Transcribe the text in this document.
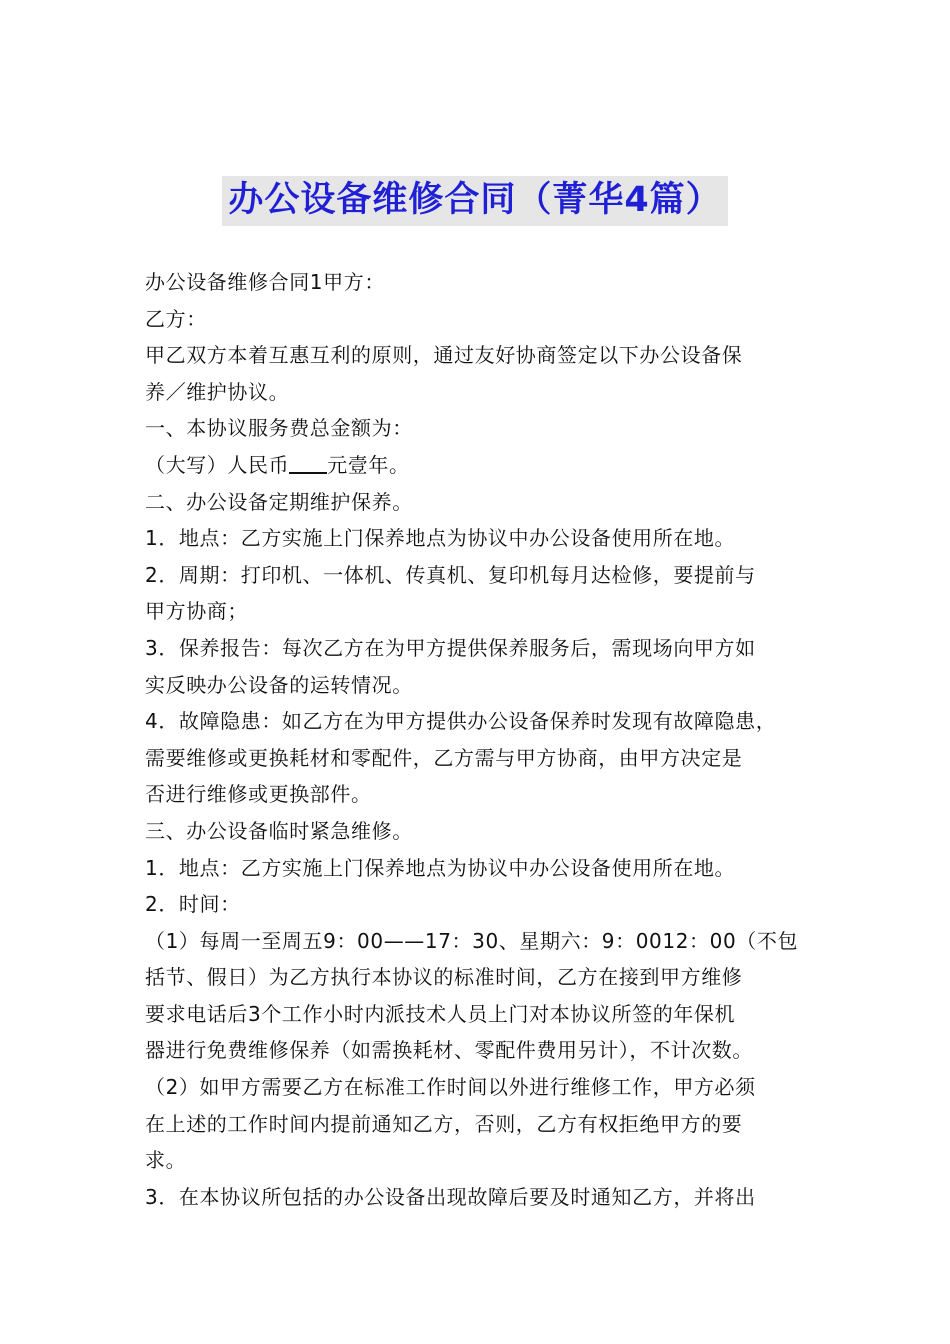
办公设备维修合同（菁华4篇）
办公设备维修合同1甲方：
乙方：
甲乙双方本着互惠互利的原则，通过友好协商签定以下办公设备保
养／维护协议。
一、本协议服务费总金额为：
（大写）人民币 元壹年。
二、办公设备定期维护保养。
1．地点：乙方实施上门保养地点为协议中办公设备使用所在地。
2．周期：打印机、一体机、传真机、复印机每月达检修，要提前与
甲方协商；
3．保养报告：每次乙方在为甲方提供保养服务后，需现场向甲方如
实反映办公设备的运转情况。
4．故障隐患：如乙方在为甲方提供办公设备保养时发现有故障隐患，
需要维修或更换耗材和零配件，乙方需与甲方协商，由甲方决定是
否进行维修或更换部件。
三、办公设备临时紧急维修。
1．地点：乙方实施上门保养地点为协议中办公设备使用所在地。
2．时间：
（1）每周一至周五9：00——17：30、星期六：9：0012：00（不包
括节、假日）为乙方执行本协议的标准时间，乙方在接到甲方维修
要求电话后3个工作小时内派技术人员上门对本协议所签的年保机
器进行免费维修保养（如需换耗材、零配件费用另计），不计次数。
（2）如甲方需要乙方在标准工作时间以外进行维修工作，甲方必须
在上述的工作时间内提前通知乙方，否则，乙方有权拒绝甲方的要
求。
3．在本协议所包括的办公设备出现故障后要及时通知乙方，并将出
